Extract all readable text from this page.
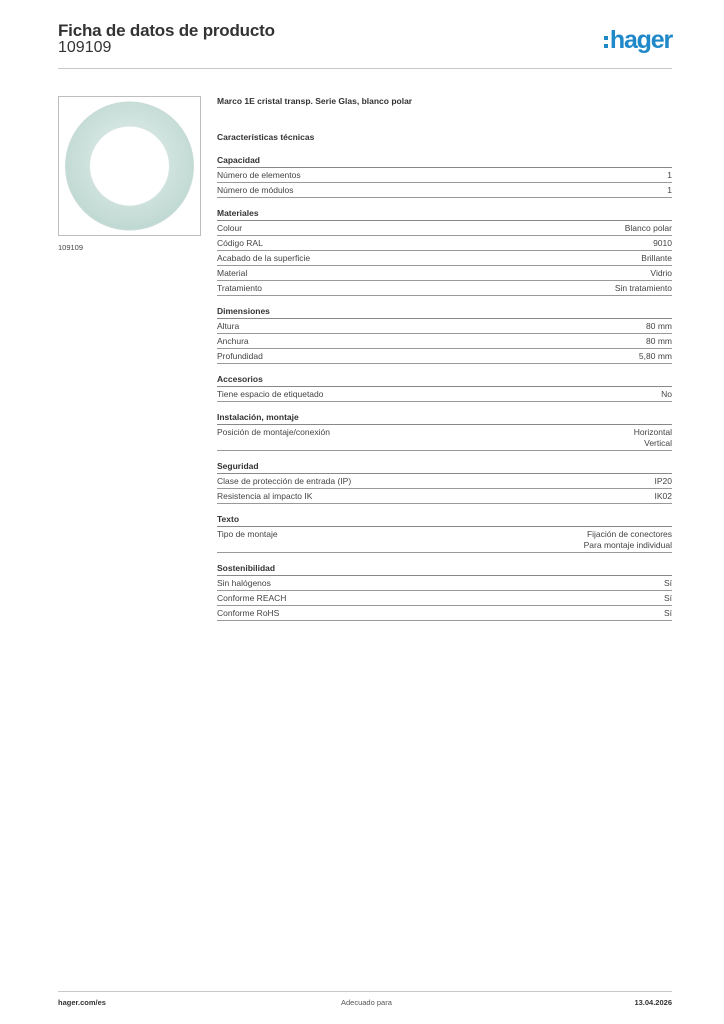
Ficha de datos de producto
109109	hager
109109
Marco 1E cristal transp. Serie Glas, blanco polar
Características técnicas
Capacidad
Número de elementos	1
Número de módulos	1
Materiales
Colour	Blanco polar
Código RAL	9010
Acabado de la superficie	Brillante
Material	Vidrio
Tratamiento	Sin tratamiento
Dimensiones
Altura	80 mm
Anchura	80 mm
Profundidad	5,80 mm
Accesorios
Tiene espacio de etiquetado	No
Instalación, montaje
Posición de montaje/conexión	Horizontal
Vertical
Seguridad
Clase de protección de entrada (IP)	IP20
Resistencia al impacto IK	IK02
Texto
Tipo de montaje	Fijación de conectores
Para montaje individual
Sostenibilidad
Sin halógenos	Sí
Conforme REACH	Sí
Conforme RoHS	Sí
hager.com/es	Adecuado para	13.04.2026
